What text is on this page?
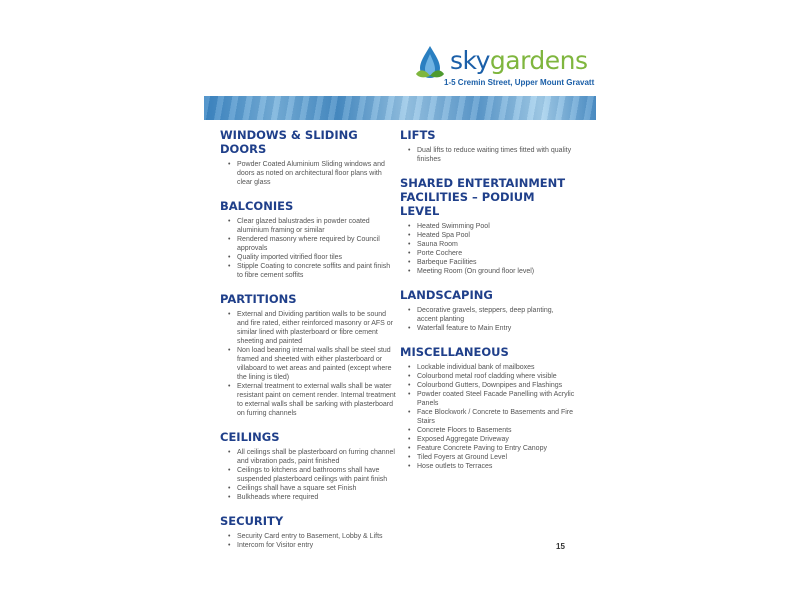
skygardens
1-5 Cremin Street, Upper Mount Gravatt
WINDOWS & SLIDING DOORS
• Powder Coated Aluminium Sliding windows and doors as noted on architectural floor plans with clear glass
BALCONIES
• Clear glazed balustrades in powder coated aluminium framing or similar
• Rendered masonry where required by Council approvals
• Quality imported vitrified floor tiles
• Stipple Coating to concrete soffits and paint finish to fibre cement soffits
PARTITIONS
• External and Dividing partition walls to be sound and fire rated, either reinforced masonry or AFS or similar lined with plasterboard or fibre cement sheeting and painted
• Non load bearing internal walls shall be steel stud framed and sheeted with either plasterboard or villaboard to wet areas and painted (except where the lining is tiled)
• External treatment to external walls shall be water resistant paint on cement render. Internal treatment to external walls shall be sarking with plasterboard on furring channels
CEILINGS
• All ceilings shall be plasterboard on furring channel and vibration pads, paint finished
• Ceilings to kitchens and bathrooms shall have suspended plasterboard ceilings with paint finish
• Ceilings shall have a square set Finish
• Bulkheads where required
SECURITY
• Security Card entry to Basement, Lobby & Lifts
• Intercom for Visitor entry
LIFTS
• Dual lifts to reduce waiting times fitted with quality finishes
SHARED ENTERTAINMENT FACILITIES – PODIUM LEVEL
• Heated Swimming Pool
• Heated Spa Pool
• Sauna Room
• Porte Cochere
• Barbeque Facilities
• Meeting Room (On ground floor level)
LANDSCAPING
• Decorative gravels, steppers, deep planting, accent planting
• Waterfall feature to Main Entry
MISCELLANEOUS
• Lockable individual bank of mailboxes
• Colourbond metal roof cladding where visible
• Colourbond Gutters, Downpipes and Flashings
• Powder coated Steel Facade Panelling with Acrylic Panels
• Face Blockwork / Concrete to Basements and Fire Stairs
• Concrete Floors to Basements
• Exposed Aggregate Driveway
• Feature Concrete Paving to Entry Canopy
• Tiled Foyers at Ground Level
• Hose outlets to Terraces
15
